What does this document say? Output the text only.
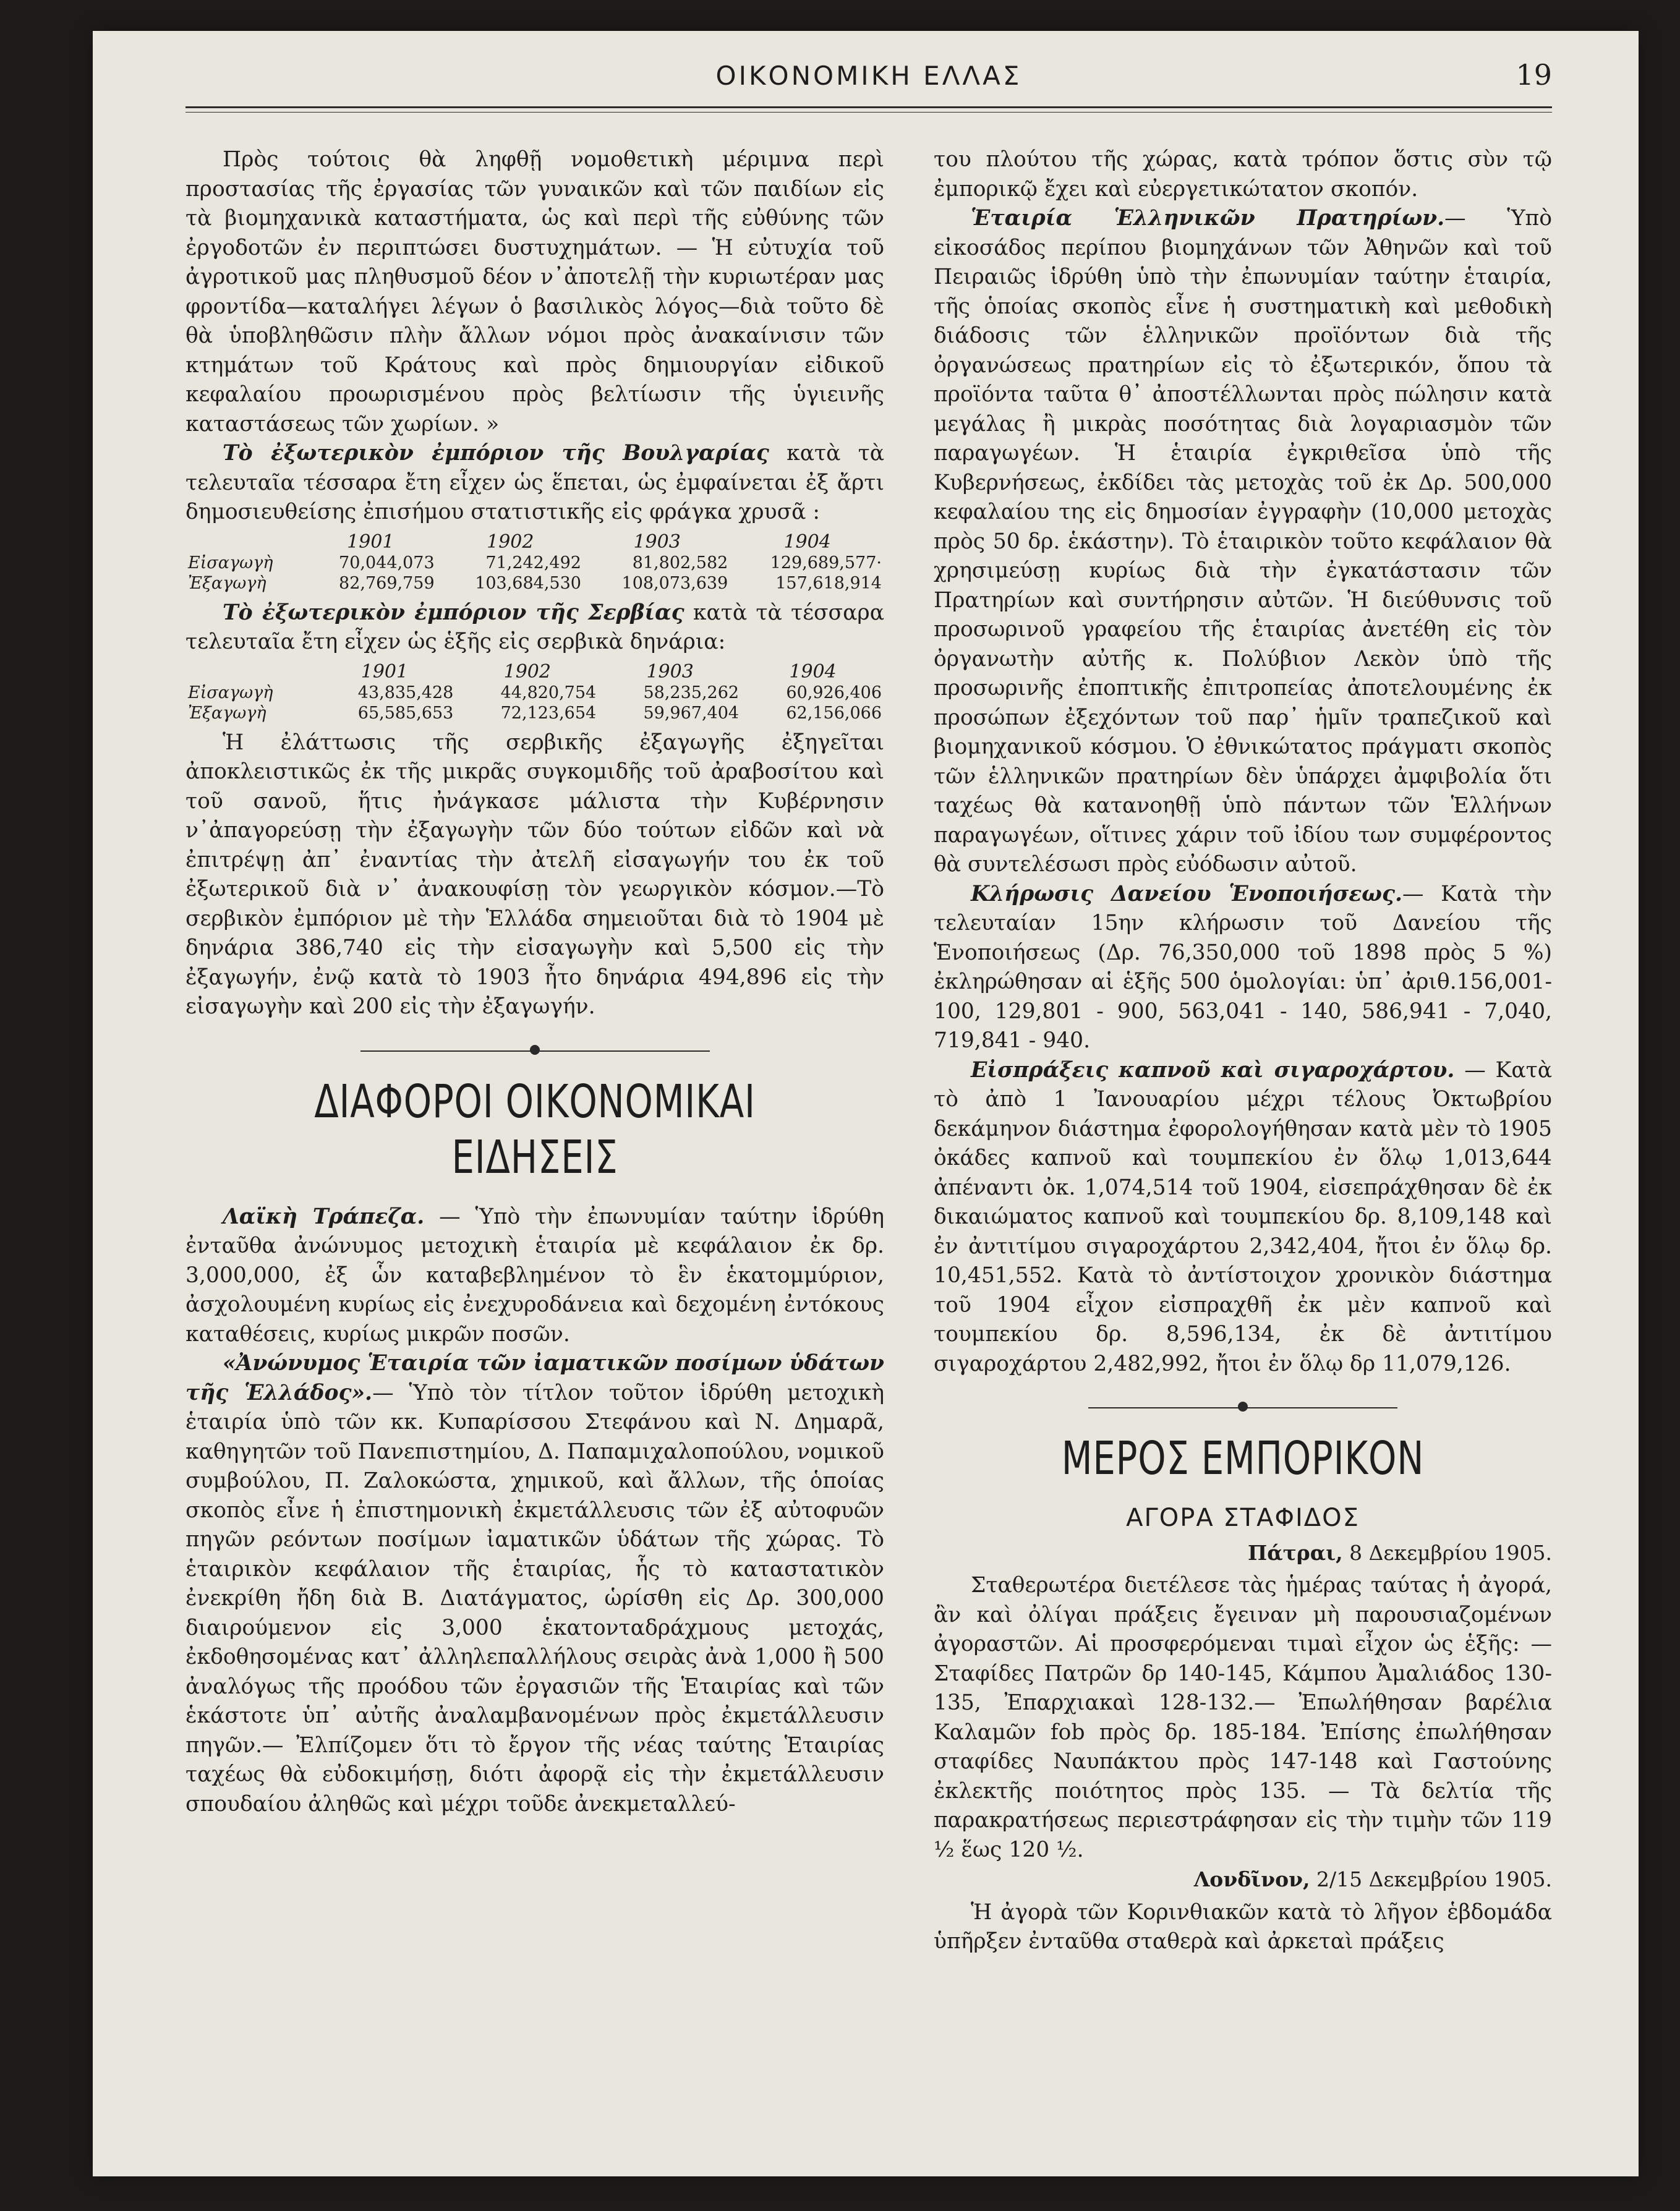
ΟΙΚΟΝΟΜΙΚΗ ΕΛΛΑΣ	19

Πρὸς τούτοις θὰ ληφθῇ νομοθετικὴ μέριμνα περὶ προστασίας τῆς ἐργασίας τῶν γυναικῶν καὶ τῶν παιδίων εἰς τὰ βιομηχανικὰ καταστήματα, ὡς καὶ περὶ τῆς εὐθύνης τῶν ἐργοδοτῶν ἐν περιπτώσει δυστυχημάτων. — Ἡ εὐτυχία τοῦ ἀγροτικοῦ μας πληθυσμοῦ δέον ν᾽ἀποτελῇ τὴν κυριωτέραν μας φροντίδα—καταλήγει λέγων ὁ βασιλικὸς λόγος—διὰ τοῦτο δὲ θὰ ὑποβληθῶσιν πλὴν ἄλλων νόμοι πρὸς ἀνακαίνισιν τῶν κτημάτων τοῦ Κράτους καὶ πρὸς δημιουργίαν εἰδικοῦ κεφαλαίου προωρισμένου πρὸς βελτίωσιν τῆς ὑγιεινῆς καταστάσεως τῶν χωρίων. »

Τὸ ἐξωτερικὸν ἐμπόριον τῆς Βουλγαρίας κατὰ τὰ τελευταῖα τέσσαρα ἔτη εἶχεν ὡς ἕπεται, ὡς ἐμφαίνεται ἐξ ἄρτι δημοσιευθείσης ἐπισήμου στατιστικῆς εἰς φράγκα χρυσᾶ :

	1901	1902	1903	1904
Εἰσαγωγὴ	70,044,073	71,242,492	81,802,582	129,689,577·
Ἐξαγωγὴ	82,769,759	103,684,530	108,073,639	157,618,914

Τὸ ἐξωτερικὸν ἐμπόριον τῆς Σερβίας κατὰ τὰ τέσσαρα τελευταῖα ἔτη εἶχεν ὡς ἑξῆς εἰς σερβικὰ δηνάρια:

	1901	1902	1903	1904
Εἰσαγωγὴ	43,835,428	44,820,754	58,235,262	60,926,406
Ἐξαγωγὴ	65,585,653	72,123,654	59,967,404	62,156,066

Ἡ ἐλάττωσις τῆς σερβικῆς ἐξαγωγῆς ἐξηγεῖται ἀποκλειστικῶς ἐκ τῆς μικρᾶς συγκομιδῆς τοῦ ἀραβοσίτου καὶ τοῦ σανοῦ, ἥτις ἠνάγκασε μάλιστα τὴν Κυβέρνησιν ν᾽ἀπαγορεύσῃ τὴν ἐξαγωγὴν τῶν δύο τούτων εἰδῶν καὶ νὰ ἐπιτρέψῃ ἀπ᾽ ἐναντίας τὴν ἀτελῆ εἰσαγωγήν του ἐκ τοῦ ἐξωτερικοῦ διὰ ν᾽ ἀνακουφίσῃ τὸν γεωργικὸν κόσμον.—Τὸ σερβικὸν ἐμπόριον μὲ τὴν Ἑλλάδα σημειοῦται διὰ τὸ 1904 μὲ δηνάρια 386,740 εἰς τὴν εἰσαγωγὴν καὶ 5,500 εἰς τὴν ἐξαγωγήν, ἐνῷ κατὰ τὸ 1903 ἦτο δηνάρια 494,896 εἰς τὴν εἰσαγωγὴν καὶ 200 εἰς τὴν ἐξαγωγήν.

ΔΙΑΦΟΡΟΙ ΟΙΚΟΝΟΜΙΚΑΙ ΕΙΔΗΣΕΙΣ

Λαϊκὴ Τράπεζα. — Ὑπὸ τὴν ἐπωνυμίαν ταύτην ἱδρύθη ἐνταῦθα ἀνώνυμος μετοχικὴ ἑταιρία μὲ κεφάλαιον ἐκ δρ. 3,000,000, ἐξ ὧν καταβεβλημένον τὸ ἓν ἑκατομμύριον, ἀσχολουμένη κυρίως εἰς ἐνεχυροδάνεια καὶ δεχομένη ἐντόκους καταθέσεις, κυρίως μικρῶν ποσῶν.

«Ἀνώνυμος Ἑταιρία τῶν ἰαματικῶν ποσίμων ὑδάτων τῆς Ἑλλάδος».— Ὑπὸ τὸν τίτλον τοῦτον ἱδρύθη μετοχικὴ ἑταιρία ὑπὸ τῶν κκ. Κυπαρίσσου Στεφάνου καὶ Ν. Δημαρᾶ, καθηγητῶν τοῦ Πανεπιστημίου, Δ. Παπαμιχαλοπούλου, νομικοῦ συμβούλου, Π. Ζαλοκώστα, χημικοῦ, καὶ ἄλλων, τῆς ὁποίας σκοπὸς εἶνε ἡ ἐπιστημονικὴ ἐκμετάλλευσις τῶν ἐξ αὐτοφυῶν πηγῶν ρεόντων ποσίμων ἰαματικῶν ὑδάτων τῆς χώρας. Τὸ ἑταιρικὸν κεφάλαιον τῆς ἑταιρίας, ἧς τὸ καταστατικὸν ἐνεκρίθη ἤδη διὰ Β. Διατάγματος, ὡρίσθη εἰς Δρ. 300,000 διαιρούμενον εἰς 3,000 ἑκατονταδράχμους μετοχάς, ἐκδοθησομένας κατ᾽ ἀλληλεπαλλήλους σειρὰς ἀνὰ 1,000 ἢ 500 ἀναλόγως τῆς προόδου τῶν ἐργασιῶν τῆς Ἑταιρίας καὶ τῶν ἑκάστοτε ὑπ᾽ αὐτῆς ἀναλαμβανομένων πρὸς ἐκμετάλλευσιν πηγῶν.— Ἐλπίζομεν ὅτι τὸ ἔργον τῆς νέας ταύτης Ἑταιρίας ταχέως θὰ εὐδοκιμήσῃ, διότι ἀφορᾷ εἰς τὴν ἐκμετάλλευσιν σπουδαίου ἀληθῶς καὶ μέχρι τοῦδε ἀνεκμεταλλεύ-

του πλούτου τῆς χώρας, κατὰ τρόπον ὅστις σὺν τῷ ἐμπορικῷ ἔχει καὶ εὐεργετικώτατον σκοπόν.

Ἑταιρία Ἑλληνικῶν Πρατηρίων.— Ὑπὸ εἰκοσάδος περίπου βιομηχάνων τῶν Ἀθηνῶν καὶ τοῦ Πειραιῶς ἱδρύθη ὑπὸ τὴν ἐπωνυμίαν ταύτην ἑταιρία, τῆς ὁποίας σκοπὸς εἶνε ἡ συστηματικὴ καὶ μεθοδικὴ διάδοσις τῶν ἑλληνικῶν προϊόντων διὰ τῆς ὀργανώσεως πρατηρίων εἰς τὸ ἐξωτερικόν, ὅπου τὰ προϊόντα ταῦτα θ᾽ ἀποστέλλωνται πρὸς πώλησιν κατὰ μεγάλας ἢ μικρὰς ποσότητας διὰ λογαριασμὸν τῶν παραγωγέων. Ἡ ἑταιρία ἐγκριθεῖσα ὑπὸ τῆς Κυβερνήσεως, ἐκδίδει τὰς μετοχὰς τοῦ ἐκ Δρ. 500,000 κεφαλαίου της εἰς δημοσίαν ἐγγραφὴν (10,000 μετοχὰς πρὸς 50 δρ. ἑκάστην). Τὸ ἑταιρικὸν τοῦτο κεφάλαιον θὰ χρησιμεύσῃ κυρίως διὰ τὴν ἐγκατάστασιν τῶν Πρατηρίων καὶ συντήρησιν αὐτῶν. Ἡ διεύθυνσις τοῦ προσωρινοῦ γραφείου τῆς ἑταιρίας ἀνετέθη εἰς τὸν ὀργανωτὴν αὐτῆς κ. Πολύβιον Λεκὸν ὑπὸ τῆς προσωρινῆς ἐποπτικῆς ἐπιτροπείας ἀποτελουμένης ἐκ προσώπων ἐξεχόντων τοῦ παρ᾽ ἡμῖν τραπεζικοῦ καὶ βιομηχανικοῦ κόσμου. Ὁ ἐθνικώτατος πράγματι σκοπὸς τῶν ἑλληνικῶν πρατηρίων δὲν ὑπάρχει ἀμφιβολία ὅτι ταχέως θὰ κατανοηθῇ ὑπὸ πάντων τῶν Ἑλλήνων παραγωγέων, οἵτινες χάριν τοῦ ἰδίου των συμφέροντος θὰ συντελέσωσι πρὸς εὐόδωσιν αὐτοῦ.

Κλήρωσις Δανείου Ἑνοποιήσεως.— Κατὰ τὴν τελευταίαν 15ην κλήρωσιν τοῦ Δανείου τῆς Ἑνοποιήσεως (Δρ. 76,350,000 τοῦ 1898 πρὸς 5 %) ἐκληρώθησαν αἱ ἑξῆς 500 ὁμολογίαι: ὑπ᾽ ἀριθ.156,001-100, 129,801 - 900, 563,041 - 140, 586,941 - 7,040, 719,841 - 940.

Εἰσπράξεις καπνοῦ καὶ σιγαροχάρτου. — Κατὰ τὸ ἀπὸ 1 Ἰανουαρίου μέχρι τέλους Ὀκτωβρίου δεκάμηνον διάστημα ἐφορολογήθησαν κατὰ μὲν τὸ 1905 ὀκάδες καπνοῦ καὶ τουμπεκίου ἐν ὅλῳ 1,013,644 ἀπέναντι ὀκ. 1,074,514 τοῦ 1904, εἰσεπράχθησαν δὲ ἐκ δικαιώματος καπνοῦ καὶ τουμπεκίου δρ. 8,109,148 καὶ ἐν ἀντιτίμου σιγαροχάρτου 2,342,404, ἤτοι ἐν ὅλῳ δρ. 10,451,552. Κατὰ τὸ ἀντίστοιχον χρονικὸν διάστημα τοῦ 1904 εἶχον εἰσπραχθῆ ἐκ μὲν καπνοῦ καὶ τουμπεκίου δρ. 8,596,134, ἐκ δὲ ἀντιτίμου σιγαροχάρτου 2,482,992, ἤτοι ἐν ὅλῳ δρ 11,079,126.

ΜΕΡΟΣ ΕΜΠΟΡΙΚΟΝ
ΑΓΟΡΑ ΣΤΑΦΙΔΟΣ
Πάτραι, 8 Δεκεμβρίου 1905.

Σταθερωτέρα διετέλεσε τὰς ἡμέρας ταύτας ἡ ἀγορά, ἂν καὶ ὀλίγαι πράξεις ἔγειναν μὴ παρουσιαζομένων ἀγοραστῶν. Αἱ προσφερόμεναι τιμαὶ εἶχον ὡς ἑξῆς: — Σταφίδες Πατρῶν δρ 140-145, Κάμπου Ἀμαλιάδος 130-135, Ἐπαρχιακαὶ 128-132.— Ἐπωλήθησαν βαρέλια Καλαμῶν fob πρὸς δρ. 185-184. Ἐπίσης ἐπωλήθησαν σταφίδες Ναυπάκτου πρὸς 147-148 καὶ Γαστούνης ἐκλεκτῆς ποιότητος πρὸς 135. — Τὰ δελτία τῆς παρακρατήσεως περιεστράφησαν εἰς τὴν τιμὴν τῶν 119 ½ ἕως 120 ½.

Λονδῖνον, 2/15 Δεκεμβρίου 1905.

Ἡ ἀγορὰ τῶν Κορινθιακῶν κατὰ τὸ λῆγον ἑβδομάδα ὑπῆρξεν ἐνταῦθα σταθερὰ καὶ ἀρκεταὶ πράξεις
